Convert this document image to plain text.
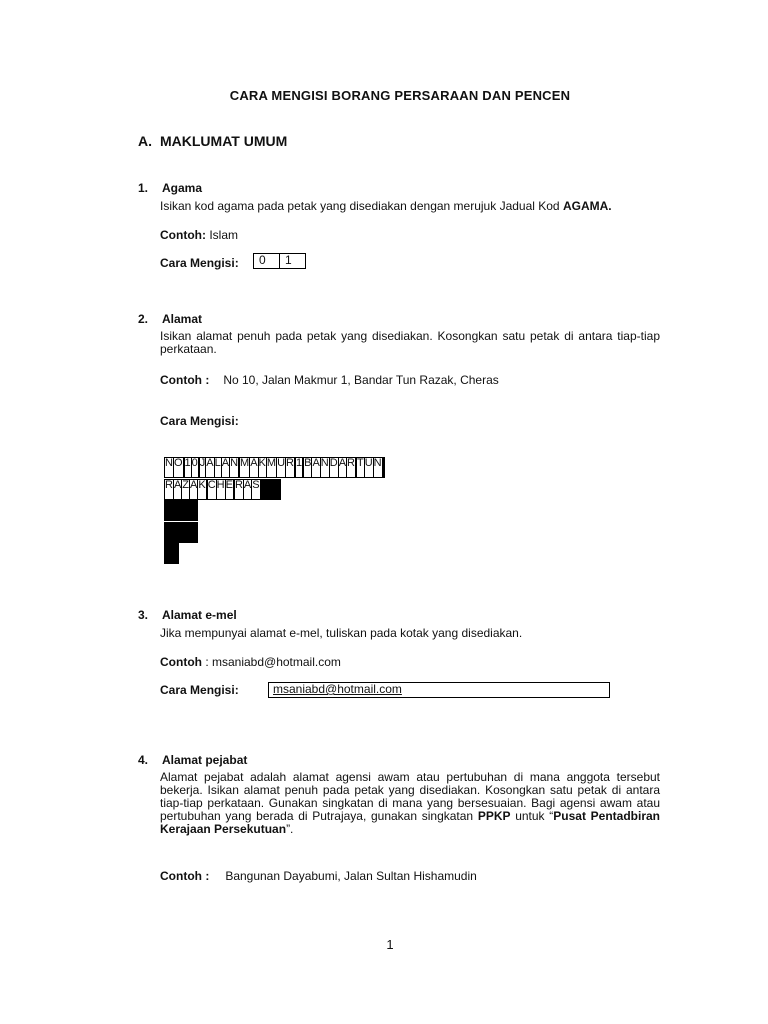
CARA MENGISI BORANG PERSARAAN DAN PENCEN
A. MAKLUMAT UMUM
1. Agama
Isikan kod agama pada petak yang disediakan dengan merujuk Jadual Kod AGAMA.
Contoh: Islam
Cara Mengisi: 0	1
2. Alamat
Isikan alamat penuh pada petak yang disediakan. Kosongkan satu petak di antara tiap-tiap perkataan.
Contoh : No 10, Jalan Makmur 1, Bandar Tun Razak, Cheras
Cara Mengisi:
N	O		1	0		J	A	L	A	N		M	A	K	M	U	R		1		B	A	N	D	A	R		T	U	N		
R	A	Z	A	K		C	H	E		R	A	S																				

3. Alamat e-mel
Jika mempunyai alamat e-mel, tuliskan pada kotak yang disediakan.
Contoh : msaniabd@hotmail.com
Cara Mengisi:	msaniabd@hotmail.com
4. Alamat pejabat
Alamat pejabat adalah alamat agensi awam atau pertubuhan di mana anggota tersebut bekerja. Isikan alamat penuh pada petak yang disediakan. Kosongkan satu petak di antara tiap-tiap perkataan. Gunakan singkatan di mana yang bersesuaian. Bagi agensi awam atau pertubuhan yang berada di Putrajaya, gunakan singkatan PPKP untuk “Pusat Pentadbiran Kerajaan Persekutuan”.
Contoh : Bangunan Dayabumi, Jalan Sultan Hishamudin
1
